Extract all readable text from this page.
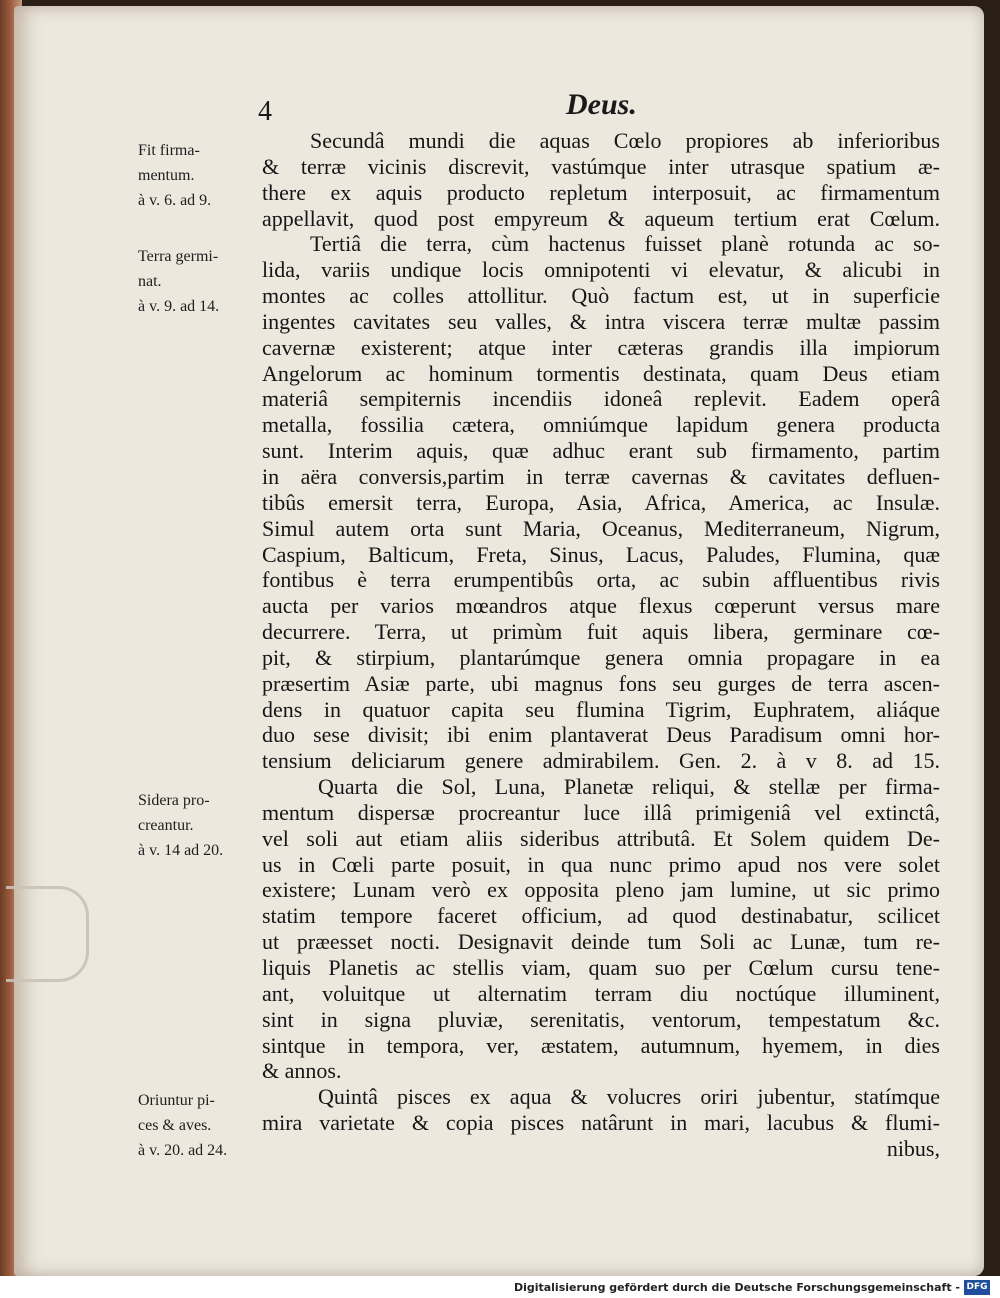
4	Deus.
Fit firma-
mentum.
à v. 6. ad 9.
Terra germi-
nat.
à v. 9. ad 14.
Sidera pro-
creantur.
à v. 14 ad 20.
Oriuntur pi-
ces & aves.
à v. 20. ad 24.
Secundâ mundi die aquas Cœlo propiores ab inferioribus
& terræ vicinis discrevit, vastúmque inter utrasque spatium æ-
there ex aquis producto repletum interposuit, ac firmamentum
appellavit, quod post empyreum & aqueum tertium erat Cœlum.
Tertiâ die terra, cùm hactenus fuisset planè rotunda ac so-
lida, variis undique locis omnipotenti vi elevatur, & alicubi in
montes ac colles attollitur. Quò factum est, ut in superficie
ingentes cavitates seu valles, & intra viscera terræ multæ passim
cavernæ existerent; atque inter cæteras grandis illa impiorum
Angelorum ac hominum tormentis destinata, quam Deus etiam
materiâ sempiternis incendiis idoneâ replevit. Eadem operâ
metalla, fossilia cætera, omniúmque lapidum genera producta
sunt. Interim aquis, quæ adhuc erant sub firmamento, partim
in aëra conversis,partim in terræ cavernas & cavitates defluen-
tibûs emersit terra, Europa, Asia, Africa, America, ac Insulæ.
Simul autem orta sunt Maria, Oceanus, Mediterraneum, Nigrum,
Caspium, Balticum, Freta, Sinus, Lacus, Paludes, Flumina, quæ
fontibus è terra erumpentibûs orta, ac subin affluentibus rivis
aucta per varios mœandros atque flexus cœperunt versus mare
decurrere. Terra, ut primùm fuit aquis libera, germinare cœ-
pit, & stirpium, plantarúmque genera omnia propagare in ea
præsertim Asiæ parte, ubi magnus fons seu gurges de terra ascen-
dens in quatuor capita seu flumina Tigrim, Euphratem, aliáque
duo sese divisit; ibi enim plantaverat Deus Paradisum omni hor-
tensium deliciarum genere admirabilem. Gen. 2. à v 8. ad 15.
Quarta die Sol, Luna, Planetæ reliqui, & stellæ per firma-
mentum dispersæ procreantur luce illâ primigeniâ vel extinctâ,
vel soli aut etiam aliis sideribus attributâ. Et Solem quidem De-
us in Cœli parte posuit, in qua nunc primo apud nos vere solet
existere; Lunam verò ex opposita pleno jam lumine, ut sic primo
statim tempore faceret officium, ad quod destinabatur, scilicet
ut præesset nocti. Designavit deinde tum Soli ac Lunæ, tum re-
liquis Planetis ac stellis viam, quam suo per Cœlum cursu tene-
ant, voluitque ut alternatim terram diu noctúque illuminent,
sint in signa pluviæ, serenitatis, ventorum, tempestatum &c.
sintque in tempora, ver, æstatem, autumnum, hyemem, in dies
& annos.
Quintâ pisces ex aqua & volucres oriri jubentur, statímque
mira varietate & copia pisces natârunt in mari, lacubus & flumi-
nibus,
Digitalisierung gefördert durch die Deutsche Forschungsgemeinschaft - DFG
